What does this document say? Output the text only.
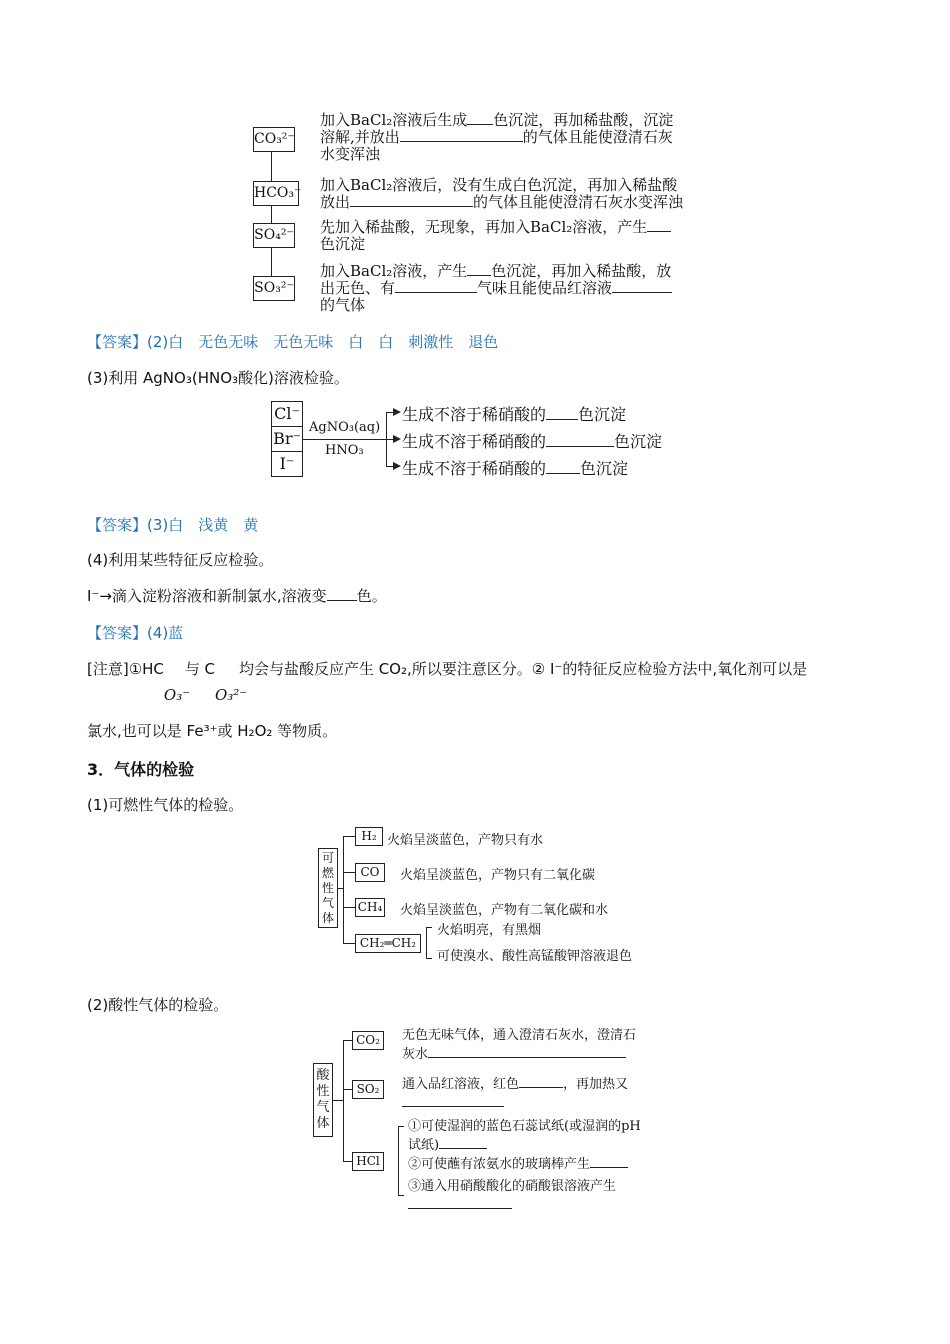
CO₃²⁻
HCO₃⁻
SO₄²⁻
SO₃²⁻
加入BaCl₂溶液后生成 色沉淀，再加稀盐酸，沉淀
溶解,并放出	的气体且能使澄清石灰
水变浑浊
加入BaCl₂溶液后，没有生成白色沉淀，再加入稀盐酸
放出	的气体且能使澄清石灰水变浑浊
先加入稀盐酸，无现象，再加入BaCl₂溶液，产生
色沉淀
加入BaCl₂溶液，产生 色沉淀，再加入稀盐酸，放
出无色、有	气味且能使品红溶液
的气体
【答案】(2)白　无色无味　无色无味　白　白　刺激性　退色
(3)利用 AgNO₃(HNO₃酸化)溶液检验。
Cl⁻
Br⁻
I⁻
AgNO₃(aq)
HNO₃
生成不溶于稀硝酸的 色沉淀
生成不溶于稀硝酸的	色沉淀
生成不溶于稀硝酸的 色沉淀
【答案】(3)白　浅黄　黄
(4)利用某些特征反应检验。
I⁻→滴入淀粉溶液和新制氯水,溶液变 色。
【答案】(4)蓝
[注意]①HC
O₃⁻
与 C
O₃²⁻
均会与盐酸反应产生 CO₂,所以要注意区分。② I⁻的特征反应检验方法中,氧化剂可以是
氯水,也可以是 Fe³⁺或 H₂O₂ 等物质。
3．气体的检验
(1)可燃性气体的检验。
可
燃
性
气
体
H₂
CO
CH₄
CH₂═CH₂
火焰呈淡蓝色，产物只有水
火焰呈淡蓝色，产物只有二氧化碳
火焰呈淡蓝色，产物有二氧化碳和水
火焰明亮，有黑烟
可使溴水、酸性高锰酸钾溶液退色
(2)酸性气体的检验。
酸
性
气
体
CO₂
SO₂
HCl
无色无味气体，通入澄清石灰水，澄清石
灰水
通入品红溶液，红色	，再加热又
①可使湿润的蓝色石蕊试纸(或湿润的pH
试纸)
②可使蘸有浓氨水的玻璃棒产生
③通入用硝酸酸化的硝酸银溶液产生
